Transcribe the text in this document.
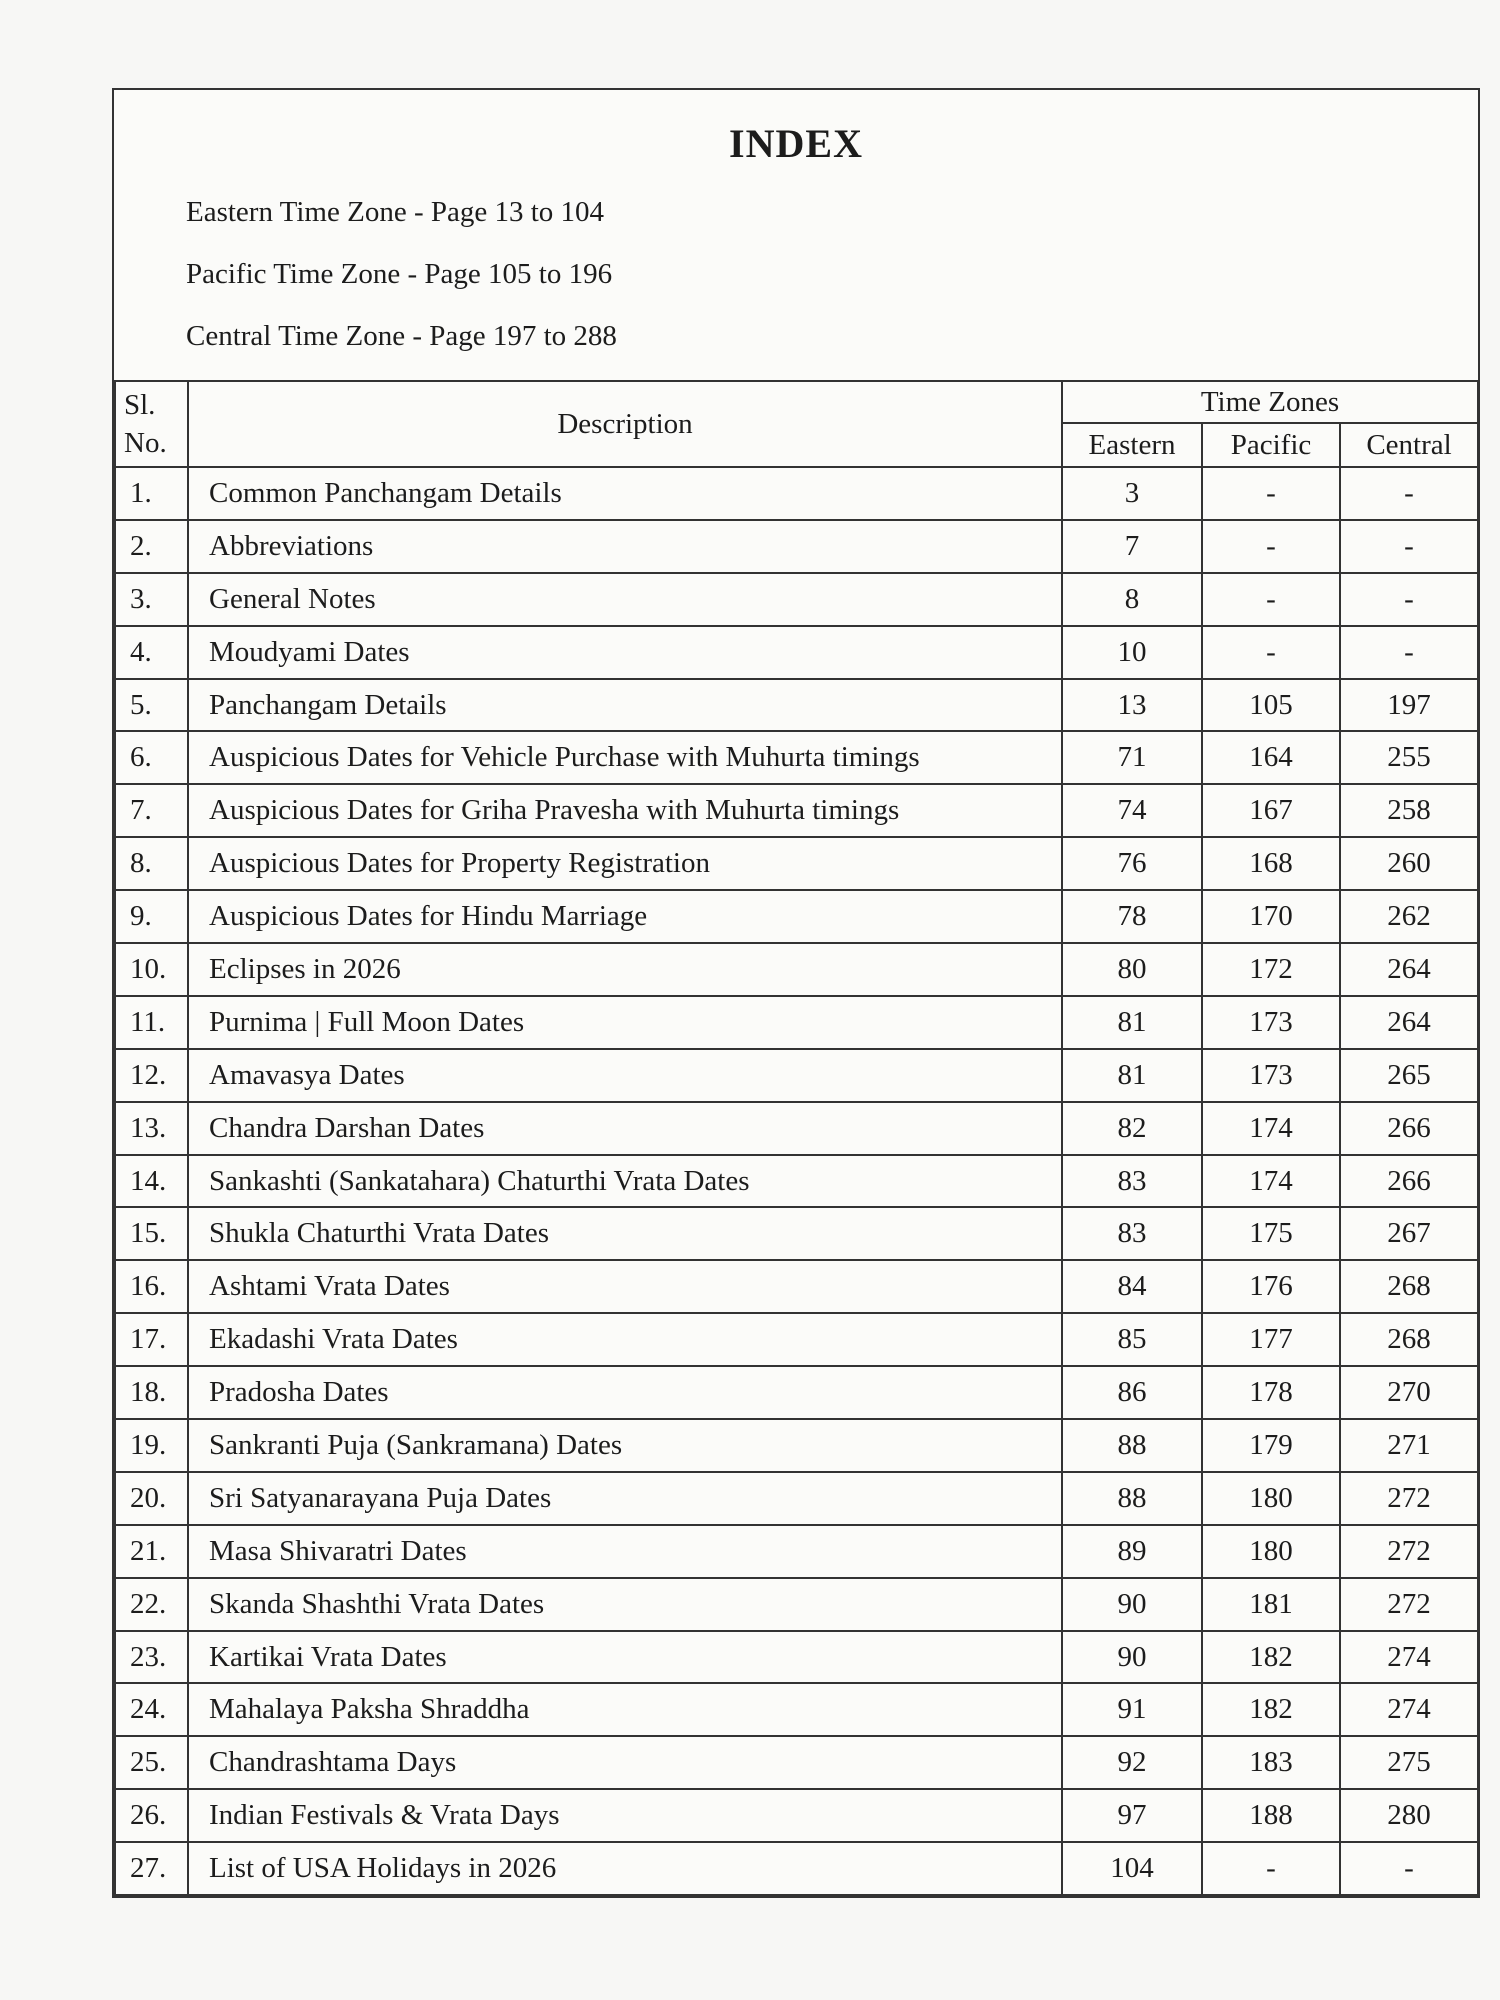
INDEX
Eastern Time Zone - Page 13 to 104
Pacific Time Zone - Page 105 to 196
Central Time Zone - Page 197 to 288
Sl.
No.	Description	Time Zones		
		Eastern	Pacific	Central
1.	Common Panchangam Details	3	-	-
2.	Abbreviations	7	-	-
3.	General Notes	8	-	-
4.	Moudyami Dates	10	-	-
5.	Panchangam Details	13	105	197
6.	Auspicious Dates for Vehicle Purchase with Muhurta timings	71	164	255
7.	Auspicious Dates for Griha Pravesha with Muhurta timings	74	167	258
8.	Auspicious Dates for Property Registration	76	168	260
9.	Auspicious Dates for Hindu Marriage	78	170	262
10.	Eclipses in 2026	80	172	264
11.	Purnima | Full Moon Dates	81	173	264
12.	Amavasya Dates	81	173	265
13.	Chandra Darshan Dates	82	174	266
14.	Sankashti (Sankatahara) Chaturthi Vrata Dates	83	174	266
15.	Shukla Chaturthi Vrata Dates	83	175	267
16.	Ashtami Vrata Dates	84	176	268
17.	Ekadashi Vrata Dates	85	177	268
18.	Pradosha Dates	86	178	270
19.	Sankranti Puja (Sankramana) Dates	88	179	271
20.	Sri Satyanarayana Puja Dates	88	180	272
21.	Masa Shivaratri Dates	89	180	272
22.	Skanda Shashthi Vrata Dates	90	181	272
23.	Kartikai Vrata Dates	90	182	274
24.	Mahalaya Paksha Shraddha	91	182	274
25.	Chandrashtama Days	92	183	275
26.	Indian Festivals & Vrata Days	97	188	280
27.	List of USA Holidays in 2026	104	-	-
